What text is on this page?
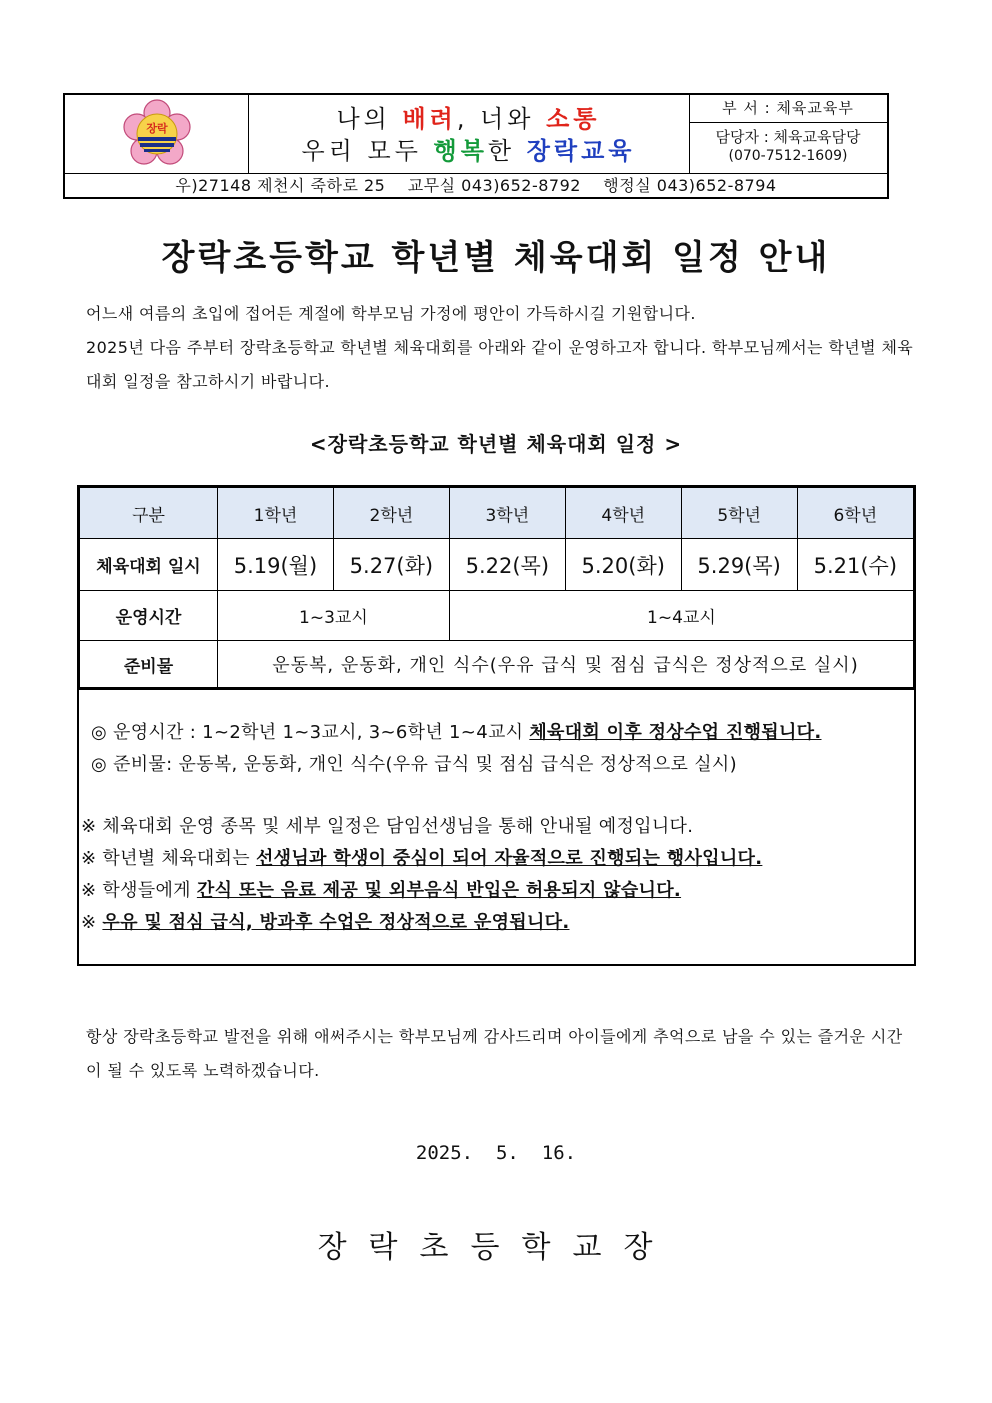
장락	나의 배려, 너와 소통
우리 모두 행복한 장락교육
부 서 : 체육교육부
담당자 : 체육교육담당
(070-7512-1609)
우)27148 제천시 죽하로 25    교무실 043)652-8792    행정실 043)652-8794
장락초등학교 학년별 체육대회 일정 안내
어느새 여름의 초입에 접어든 계절에 학부모님 가정에 평안이 가득하시길 기원합니다.
2025년 다음 주부터 장락초등학교 학년별 체육대회를 아래와 같이 운영하고자 합니다. 학부모님께서는 학년별 체육대회 일정을 참고하시기 바랍니다.
<장락초등학교 학년별 체육대회 일정 >
구분	1학년	2학년	3학년	4학년	5학년	6학년
체육대회 일시	5.19(월)	5.27(화)	5.22(목)	5.20(화)	5.29(목)	5.21(수)
운영시간	1~3교시		1~4교시			
준비물	운동복, 운동화, 개인 식수(우유 급식 및 점심 급식은 정상적으로 실시)					
◎ 운영시간 : 1~2학년 1~3교시, 3~6학년 1~4교시 체육대회 이후 정상수업 진행됩니다.
◎ 준비물: 운동복, 운동화, 개인 식수(우유 급식 및 점심 급식은 정상적으로 실시)
※ 체육대회 운영 종목 및 세부 일정은 담임선생님을 통해 안내될 예정입니다.
※ 학년별 체육대회는 선생님과 학생이 중심이 되어 자율적으로 진행되는 행사입니다.
※ 학생들에게 간식 또는 음료 제공 및 외부음식 반입은 허용되지 않습니다.
※ 우유 및 점심 급식, 방과후 수업은 정상적으로 운영됩니다.
항상 장락초등학교 발전을 위해 애써주시는 학부모님께 감사드리며 아이들에게 추억으로 남을 수 있는 즐거운 시간이 될 수 있도록 노력하겠습니다.
2025.  5.  16.
장락초등학교장
